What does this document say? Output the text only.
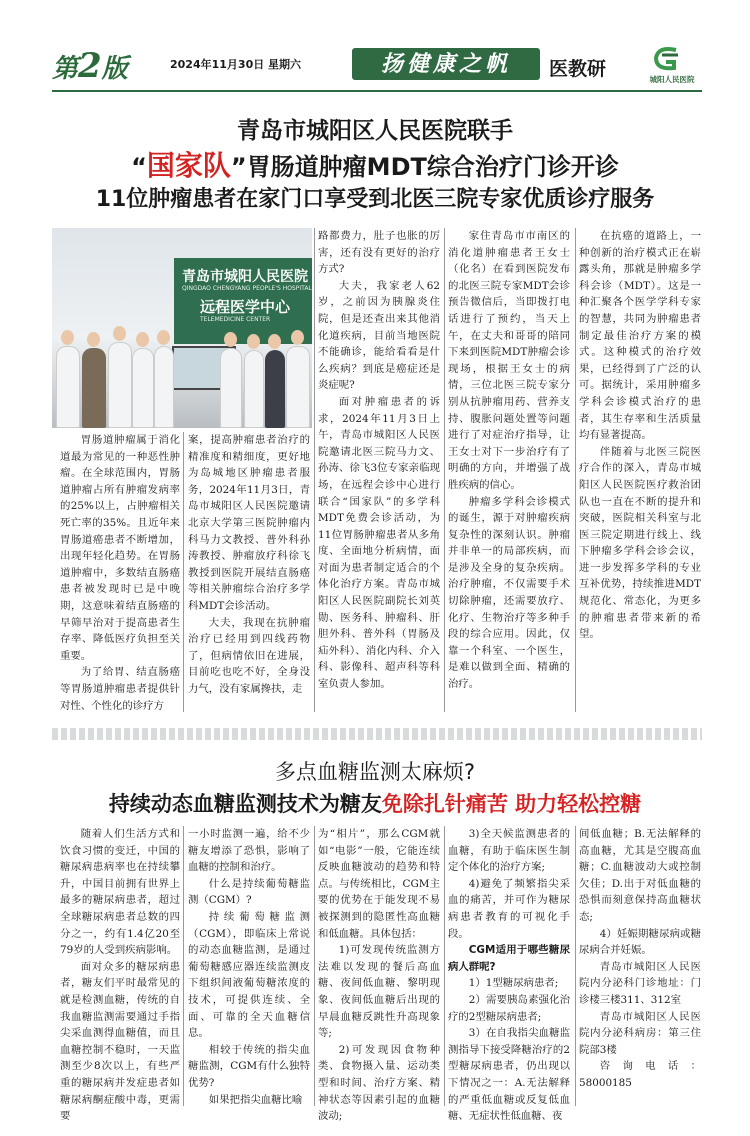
第2版	2024年11月30日 星期六	扬健康之帆	医教研	城阳人民医院
青岛市城阳区人民医院联手
“国家队”胃肠道肿瘤MDT综合治疗门诊开诊
11位肿瘤患者在家门口享受到北医三院专家优质诊疗服务
青岛市城阳人民医院
QINGDAO CHENGYANG PEOPLE'S HOSPITAL
远程医学中心
TELEMEDICINE CENTER

胃肠道肿瘤属于消化道最为常见的一种恶性肿瘤。在全球范围内，胃肠道肿瘤占所有肿瘤发病率的25%以上，占肿瘤相关死亡率的35%。且近年来胃肠道癌患者不断增加，出现年轻化趋势。在胃肠道肿瘤中，多数结直肠癌患者被发现时已是中晚期，这意味着结直肠癌的早筛早治对于提高患者生存率、降低医疗负担至关重要。

为了给胃、结直肠癌等胃肠道肿瘤患者提供针对性、个性化的诊疗方

案，提高肿瘤患者治疗的精准度和精细度，更好地为岛城地区肿瘤患者服务，2024年11月3日，青岛市城阳区人民医院邀请北京大学第三医院肿瘤内科马力文教授、普外科孙涛教授、肿瘤放疗科徐飞教授到医院开展结直肠癌等相关肿瘤综合治疗多学科MDT会诊活动。

大夫，我现在抗肿瘤治疗已经用到四线药物了，但病情依旧在进展，目前吃也吃不好，全身没力气，没有家属搀扶，走

路都费力，肚子也胀的厉害，还有没有更好的治疗方式?

大夫，我家老人62岁，之前因为胰腺炎住院，但是还查出来其他消化道疾病，目前当地医院不能确诊，能给看看是什么疾病？到底是癌症还是炎症呢?

面对肿瘤患者的诉求，2024年11月3日上午，青岛市城阳区人民医院邀请北医三院马力文、孙涛、徐飞3位专家亲临现场，在远程会诊中心进行联合“国家队”的多学科MDT免费会诊活动，为11位胃肠肿瘤患者从多角度、全面地分析病情，面对面为患者制定适合的个体化治疗方案。青岛市城阳区人民医院副院长刘英勋、医务科、肿瘤科、肝胆外科、普外科（胃肠及疝外科）、消化内科、介入科、影像科、超声科等科室负责人参加。

家住青岛市市南区的消化道肿瘤患者王女士（化名）在看到医院发布的北医三院专家MDT会诊预告微信后，当即拨打电话进行了预约，当天上午，在丈夫和哥哥的陪同下来到医院MDT肿瘤会诊现场，根据王女士的病情，三位北医三院专家分别从抗肿瘤用药、营养支持、腹胀问题处置等问题进行了对症治疗指导，让王女士对下一步治疗有了明确的方向，并增强了战胜疾病的信心。

肿瘤多学科会诊模式的诞生，源于对肿瘤疾病复杂性的深刻认识。肿瘤并非单一的局部疾病，而是涉及全身的复杂疾病。治疗肿瘤，不仅需要手术切除肿瘤，还需要放疗、化疗、生物治疗等多种手段的综合应用。因此，仅靠一个科室、一个医生，是难以做到全面、精确的治疗。

在抗癌的道路上，一种创新的治疗模式正在崭露头角，那就是肿瘤多学科会诊（MDT）。这是一种汇聚各个医学学科专家的智慧，共同为肿瘤患者制定最佳治疗方案的模式。这种模式的治疗效果，已经得到了广泛的认可。据统计，采用肿瘤多学科会诊模式治疗的患者，其生存率和生活质量均有显著提高。

伴随着与北医三院医疗合作的深入，青岛市城阳区人民医院医疗救治团队也一直在不断的提升和突破，医院相关科室与北医三院定期进行线上、线下肿瘤多学科会诊会议，进一步发挥多学科的专业互补优势，持续推进MDT规范化、常态化，为更多的肿瘤患者带来新的希望。

多点血糖监测太麻烦?
持续动态血糖监测技术为糖友免除扎针痛苦 助力轻松控糖

随着人们生活方式和饮食习惯的变迁，中国的糖尿病患病率也在持续攀升，中国目前拥有世界上最多的糖尿病患者，超过全球糖尿病患者总数的四分之一，约有1.4亿20至79岁的人受到疾病影响。

面对众多的糖尿病患者，糖友们平时最常见的就是检测血糖，传统的自我血糖监测需要通过手指尖采血测得血糖值，而且血糖控制不稳时，一天监测至少8次以上，有些严重的糖尿病并发症患者如糖尿病酮症酸中毒，更需要

一小时监测一遍，给不少糖友增添了恐惧，影响了血糖的控制和治疗。

什么是持续葡萄糖监测（CGM）?

持续葡萄糖监测（CGM），即临床上常说的动态血糖监测，是通过葡萄糖感应器连续监测皮下组织间液葡萄糖浓度的技术，可提供连续、全面、可靠的全天血糖信息。

相较于传统的指尖血糖监测，CGM有什么独特优势?

如果把指尖血糖比喻

为“相片”，那么CGM就如“电影”一般，它能连续反映血糖波动的趋势和特点。与传统相比，CGM主要的优势在于能发现不易被探测到的隐匿性高血糖和低血糖。具体包括：

1)可发现传统监测方法难以发现的餐后高血糖、夜间低血糖、黎明现象、夜间低血糖后出现的早晨血糖反跳性升高现象等;

2)可发现因食物种类、食物摄入量、运动类型和时间、治疗方案、精神状态等因素引起的血糖波动;

3)全天候监测患者的血糖，有助于临床医生制定个体化的治疗方案;

4)避免了频繁指尖采血的痛苦，并可作为糖尿病患者教育的可视化手段。

CGM适用于哪些糖尿病人群呢?

1）1型糖尿病患者;

2）需要胰岛素强化治疗的2型糖尿病患者;

3）在自我指尖血糖监测指导下接受降糖治疗的2型糖尿病患者，仍出现以下情况之一：A.无法解释的严重低血糖或反复低血糖、无症状性低血糖、夜

间低血糖；B.无法解释的高血糖，尤其是空腹高血糖；C.血糖波动大或控制欠佳；D.出于对低血糖的恐惧而刻意保持高血糖状态;

4）妊娠期糖尿病或糖尿病合并妊娠。

青岛市城阳区人民医院内分泌科门诊地址：门诊楼三楼311、312室

青岛市城阳区人民医院内分泌科病房：第三住院部3楼

咨询电话：58000185
